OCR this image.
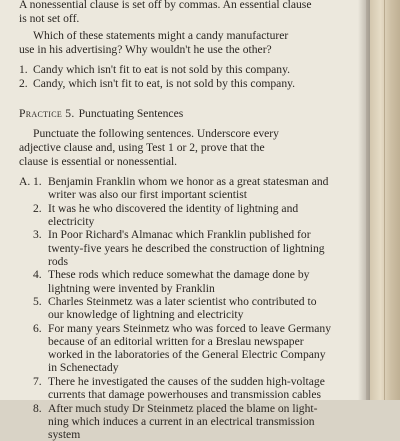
A nonessential clause is set off by commas. An essential clause
is not set off.
Which of these statements might a candy manufacturer
use in his advertising? Why wouldn't he use the other?
1. Candy which isn't fit to eat is not sold by this company.
2. Candy, which isn't fit to eat, is not sold by this company.
Practice 5. Punctuating Sentences
Punctuate the following sentences. Underscore every
adjective clause and, using Test 1 or 2, prove that the
clause is essential or nonessential.
A. 1. Benjamin Franklin whom we honor as a great statesman and
writer was also our first important scientist
2. It was he who discovered the identity of lightning and
electricity
3. In Poor Richard's Almanac which Franklin published for
twenty-five years he described the construction of lightning
rods
4. These rods which reduce somewhat the damage done by
lightning were invented by Franklin
5. Charles Steinmetz was a later scientist who contributed to
our knowledge of lightning and electricity
6. For many years Steinmetz who was forced to leave Germany
because of an editorial written for a Breslau newspaper
worked in the laboratories of the General Electric Company
in Schenectady
7. There he investigated the causes of the sudden high-voltage
currents that damage powerhouses and transmission cables
8. After much study Dr Steinmetz placed the blame on light-
ning which induces a current in an electrical transmission
system
